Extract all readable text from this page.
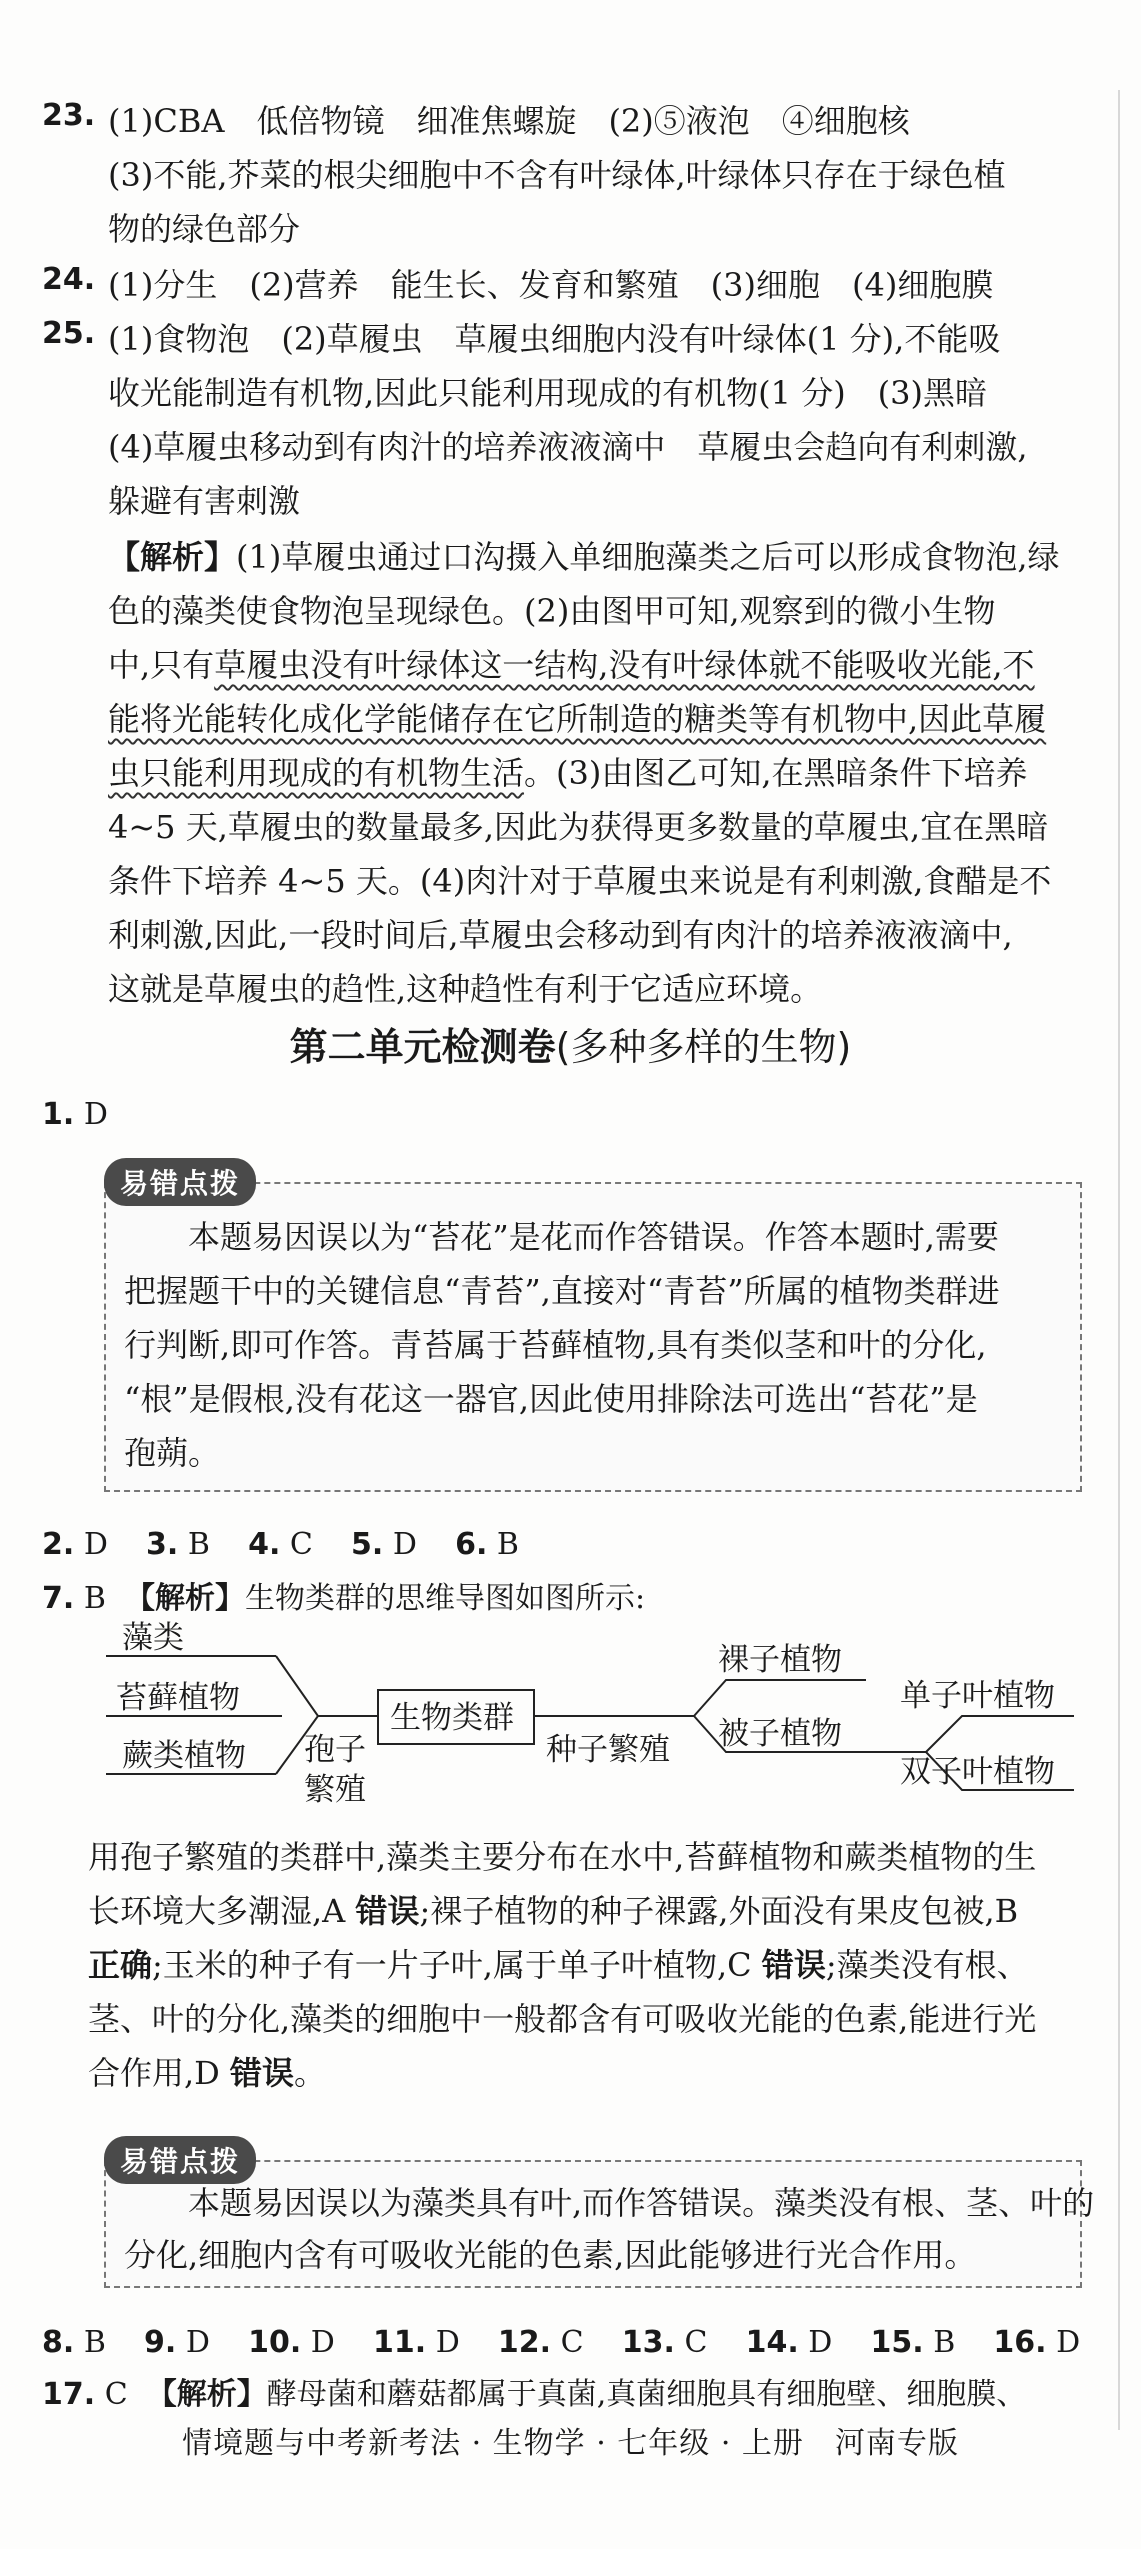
23. (1)CBA　低倍物镜　细准焦螺旋　(2)⑤液泡　④细胞核
(3)不能,芥菜的根尖细胞中不含有叶绿体,叶绿体只存在于绿色植
物的绿色部分
24. (1)分生　(2)营养　能生长、发育和繁殖　(3)细胞　(4)细胞膜
25. (1)食物泡　(2)草履虫　草履虫细胞内没有叶绿体(1 分),不能吸
收光能制造有机物,因此只能利用现成的有机物(1 分)　(3)黑暗
(4)草履虫移动到有肉汁的培养液液滴中　草履虫会趋向有利刺激,
躲避有害刺激
【解析】(1)草履虫通过口沟摄入单细胞藻类之后可以形成食物泡,绿
色的藻类使食物泡呈现绿色。(2)由图甲可知,观察到的微小生物
中,只有草履虫没有叶绿体这一结构,没有叶绿体就不能吸收光能,不
能将光能转化成化学能储存在它所制造的糖类等有机物中,因此草履
虫只能利用现成的有机物生活。(3)由图乙可知,在黑暗条件下培养
4~5 天,草履虫的数量最多,因此为获得更多数量的草履虫,宜在黑暗
条件下培养 4~5 天。(4)肉汁对于草履虫来说是有利刺激,食醋是不
利刺激,因此,一段时间后,草履虫会移动到有肉汁的培养液液滴中,
这就是草履虫的趋性,这种趋性有利于它适应环境。
第二单元检测卷(多种多样的生物)
1. D
易错点拨
　　本题易因误以为“苔花”是花而作答错误。作答本题时,需要
把握题干中的关键信息“青苔”,直接对“青苔”所属的植物类群进
行判断,即可作答。青苔属于苔藓植物,具有类似茎和叶的分化,
“根”是假根,没有花这一器官,因此使用排除法可选出“苔花”是
孢蒴。
2. D 3. B 4. C 5. D 6. B
7. B 【解析】生物类群的思维导图如图所示:
藻类
苔藓植物
蕨类植物 孢子
繁殖
生物类群
种子繁殖
裸子植物
被子植物
单子叶植物
双子叶植物
用孢子繁殖的类群中,藻类主要分布在水中,苔藓植物和蕨类植物的生
长环境大多潮湿,A 错误;裸子植物的种子裸露,外面没有果皮包被,B
正确;玉米的种子有一片子叶,属于单子叶植物,C 错误;藻类没有根、
茎、叶的分化,藻类的细胞中一般都含有可吸收光能的色素,能进行光
合作用,D 错误。
易错点拨
　　本题易因误以为藻类具有叶,而作答错误。藻类没有根、茎、叶的
分化,细胞内含有可吸收光能的色素,因此能够进行光合作用。
8. B 9. D 10. D 11. D 12. C 13. C 14. D 15. B 16. D
17. C 【解析】酵母菌和蘑菇都属于真菌,真菌细胞具有细胞壁、细胞膜、
情境题与中考新考法 · 生物学 · 七年级 · 上册　河南专版
